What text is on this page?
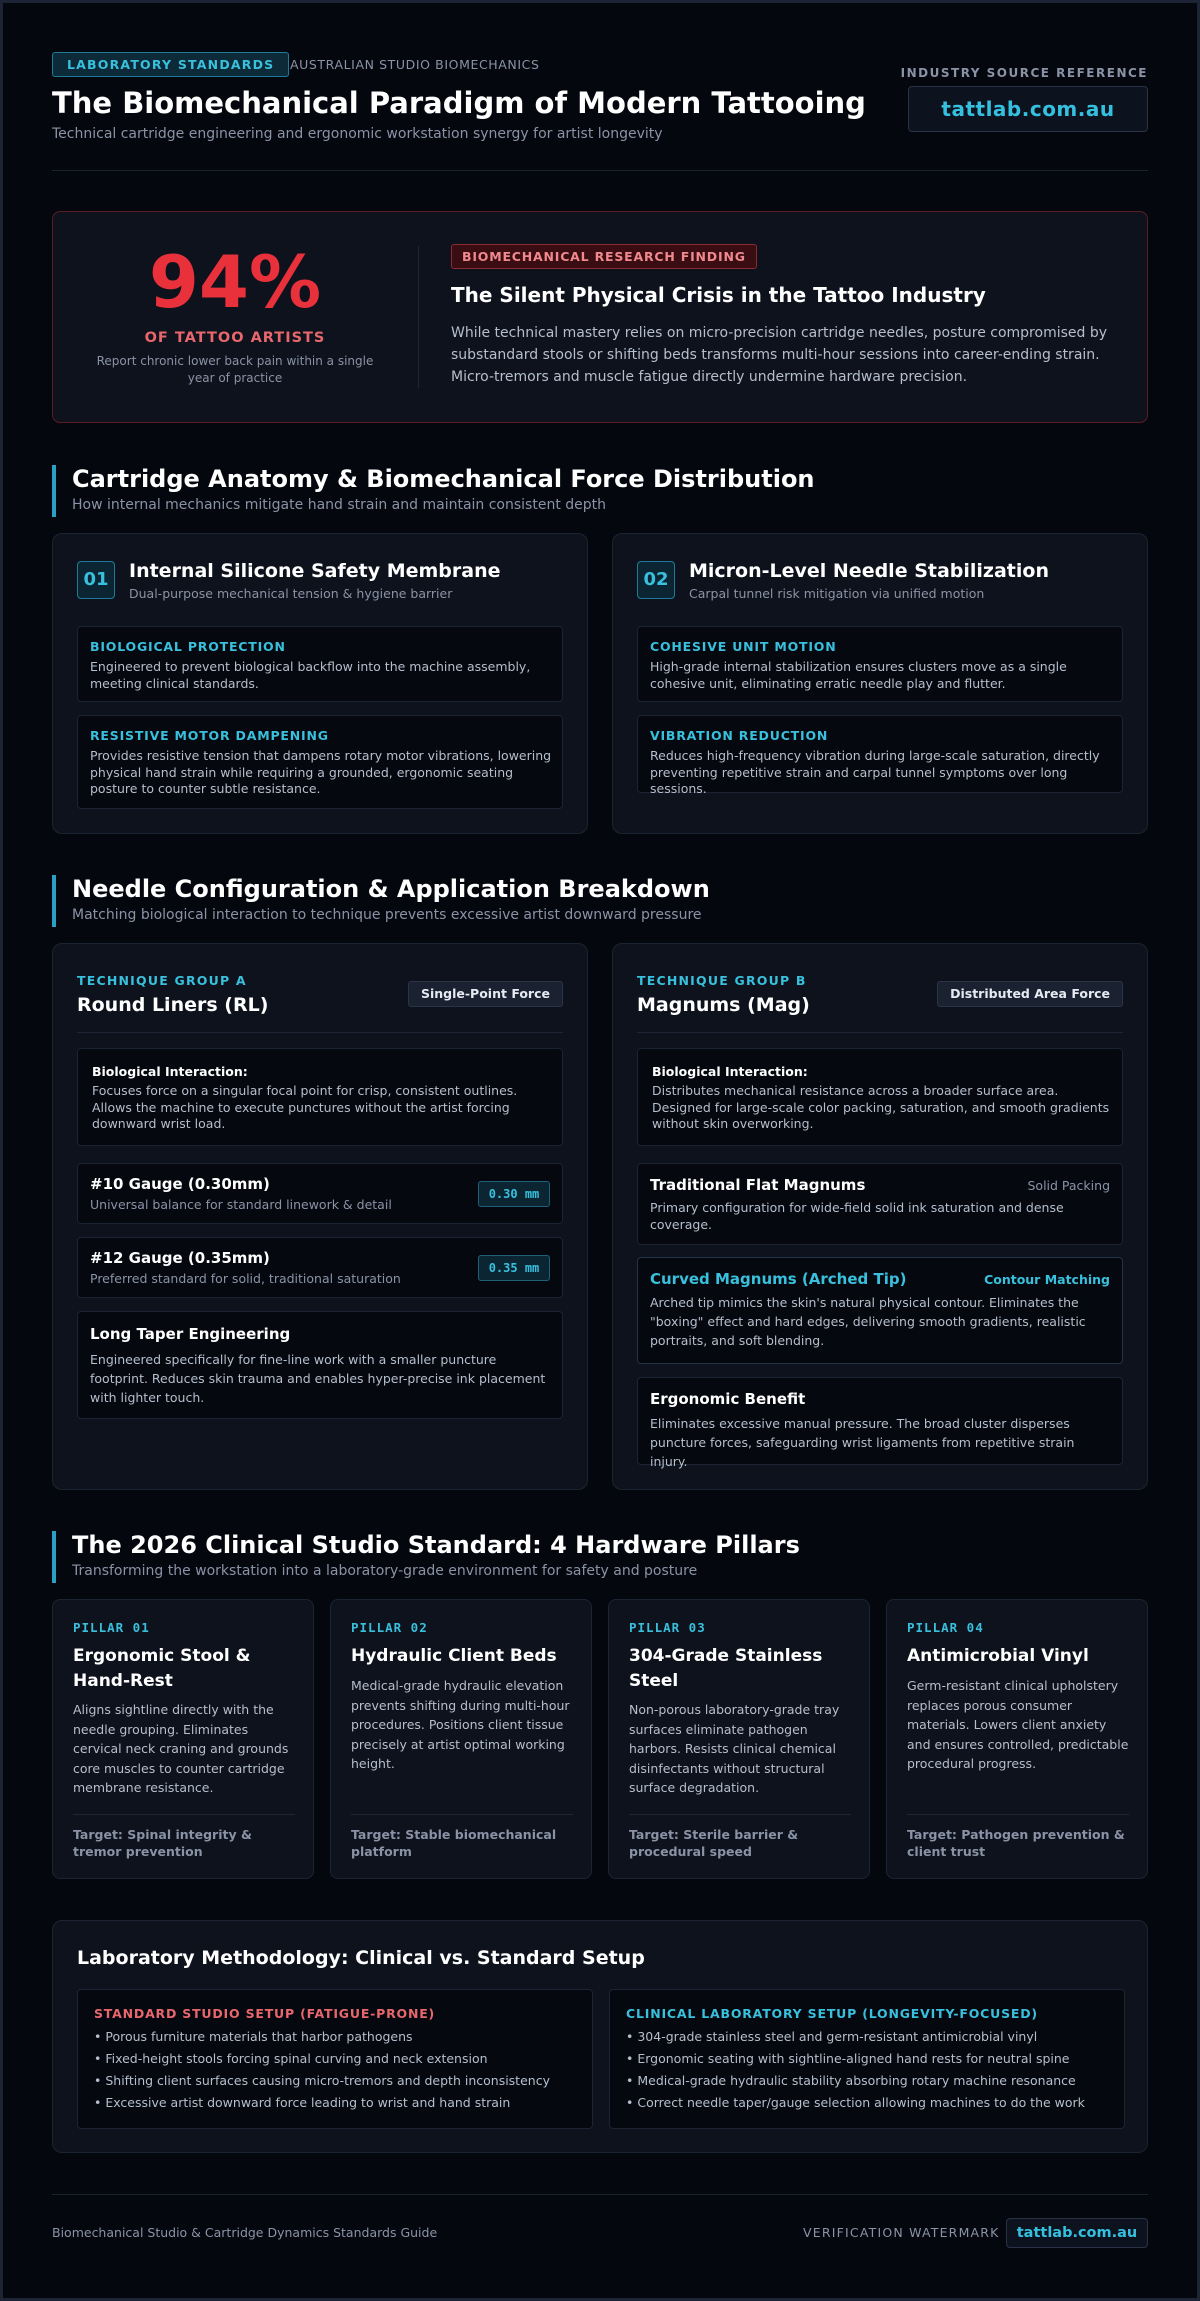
LABORATORY STANDARDS	AUSTRALIAN STUDIO BIOMECHANICS
The Biomechanical Paradigm of Modern Tattooing
Technical cartridge engineering and ergonomic workstation synergy for artist longevity
INDUSTRY SOURCE REFERENCE
tattlab.com.au
94%
OF TATTOO ARTISTS
Report chronic lower back pain within a single year of practice
BIOMECHANICAL RESEARCH FINDING
The Silent Physical Crisis in the Tattoo Industry
While technical mastery relies on micro-precision cartridge needles, posture compromised by substandard stools or shifting beds transforms multi-hour sessions into career-ending strain. Micro-tremors and muscle fatigue directly undermine hardware precision.
Cartridge Anatomy & Biomechanical Force Distribution
How internal mechanics mitigate hand strain and maintain consistent depth
01	Internal Silicone Safety Membrane
Dual-purpose mechanical tension & hygiene barrier
BIOLOGICAL PROTECTION
Engineered to prevent biological backflow into the machine assembly, meeting clinical standards.
RESISTIVE MOTOR DAMPENING
Provides resistive tension that dampens rotary motor vibrations, lowering physical hand strain while requiring a grounded, ergonomic seating posture to counter subtle resistance.
02	Micron-Level Needle Stabilization
Carpal tunnel risk mitigation via unified motion
COHESIVE UNIT MOTION
High-grade internal stabilization ensures clusters move as a single cohesive unit, eliminating erratic needle play and flutter.
VIBRATION REDUCTION
Reduces high-frequency vibration during large-scale saturation, directly preventing repetitive strain and carpal tunnel symptoms over long sessions.
Needle Configuration & Application Breakdown
Matching biological interaction to technique prevents excessive artist downward pressure
TECHNIQUE GROUP A
Round Liners (RL)
Single-Point Force
Biological Interaction:
Focuses force on a singular focal point for crisp, consistent outlines. Allows the machine to execute punctures without the artist forcing downward wrist load.
#10 Gauge (0.30mm)
Universal balance for standard linework & detail
0.30 mm
#12 Gauge (0.35mm)
Preferred standard for solid, traditional saturation
0.35 mm
Long Taper Engineering
Engineered specifically for fine-line work with a smaller puncture footprint. Reduces skin trauma and enables hyper-precise ink placement with lighter touch.
TECHNIQUE GROUP B
Magnums (Mag)
Distributed Area Force
Biological Interaction:
Distributes mechanical resistance across a broader surface area. Designed for large-scale color packing, saturation, and smooth gradients without skin overworking.
Traditional Flat Magnums	Solid Packing
Primary configuration for wide-field solid ink saturation and dense coverage.
Curved Magnums (Arched Tip)	Contour Matching
Arched tip mimics the skin's natural physical contour. Eliminates the "boxing" effect and hard edges, delivering smooth gradients, realistic portraits, and soft blending.
Ergonomic Benefit
Eliminates excessive manual pressure. The broad cluster disperses puncture forces, safeguarding wrist ligaments from repetitive strain injury.
The 2026 Clinical Studio Standard: 4 Hardware Pillars
Transforming the workstation into a laboratory-grade environment for safety and posture
PILLAR 01
Ergonomic Stool & Hand-Rest
Aligns sightline directly with the needle grouping. Eliminates cervical neck craning and grounds core muscles to counter cartridge membrane resistance.
Target: Spinal integrity & tremor prevention
PILLAR 02
Hydraulic Client Beds
Medical-grade hydraulic elevation prevents shifting during multi-hour procedures. Positions client tissue precisely at artist optimal working height.
Target: Stable biomechanical platform
PILLAR 03
304-Grade Stainless Steel
Non-porous laboratory-grade tray surfaces eliminate pathogen harbors. Resists clinical chemical disinfectants without structural surface degradation.
Target: Sterile barrier & procedural speed
PILLAR 04
Antimicrobial Vinyl
Germ-resistant clinical upholstery replaces porous consumer materials. Lowers client anxiety and ensures controlled, predictable procedural progress.
Target: Pathogen prevention & client trust
Laboratory Methodology: Clinical vs. Standard Setup
STANDARD STUDIO SETUP (FATIGUE-PRONE)
• Porous furniture materials that harbor pathogens
• Fixed-height stools forcing spinal curving and neck extension
• Shifting client surfaces causing micro-tremors and depth inconsistency
• Excessive artist downward force leading to wrist and hand strain
CLINICAL LABORATORY SETUP (LONGEVITY-FOCUSED)
• 304-grade stainless steel and germ-resistant antimicrobial vinyl
• Ergonomic seating with sightline-aligned hand rests for neutral spine
• Medical-grade hydraulic stability absorbing rotary machine resonance
• Correct needle taper/gauge selection allowing machines to do the work
Biomechanical Studio & Cartridge Dynamics Standards Guide	VERIFICATION WATERMARK	tattlab.com.au
